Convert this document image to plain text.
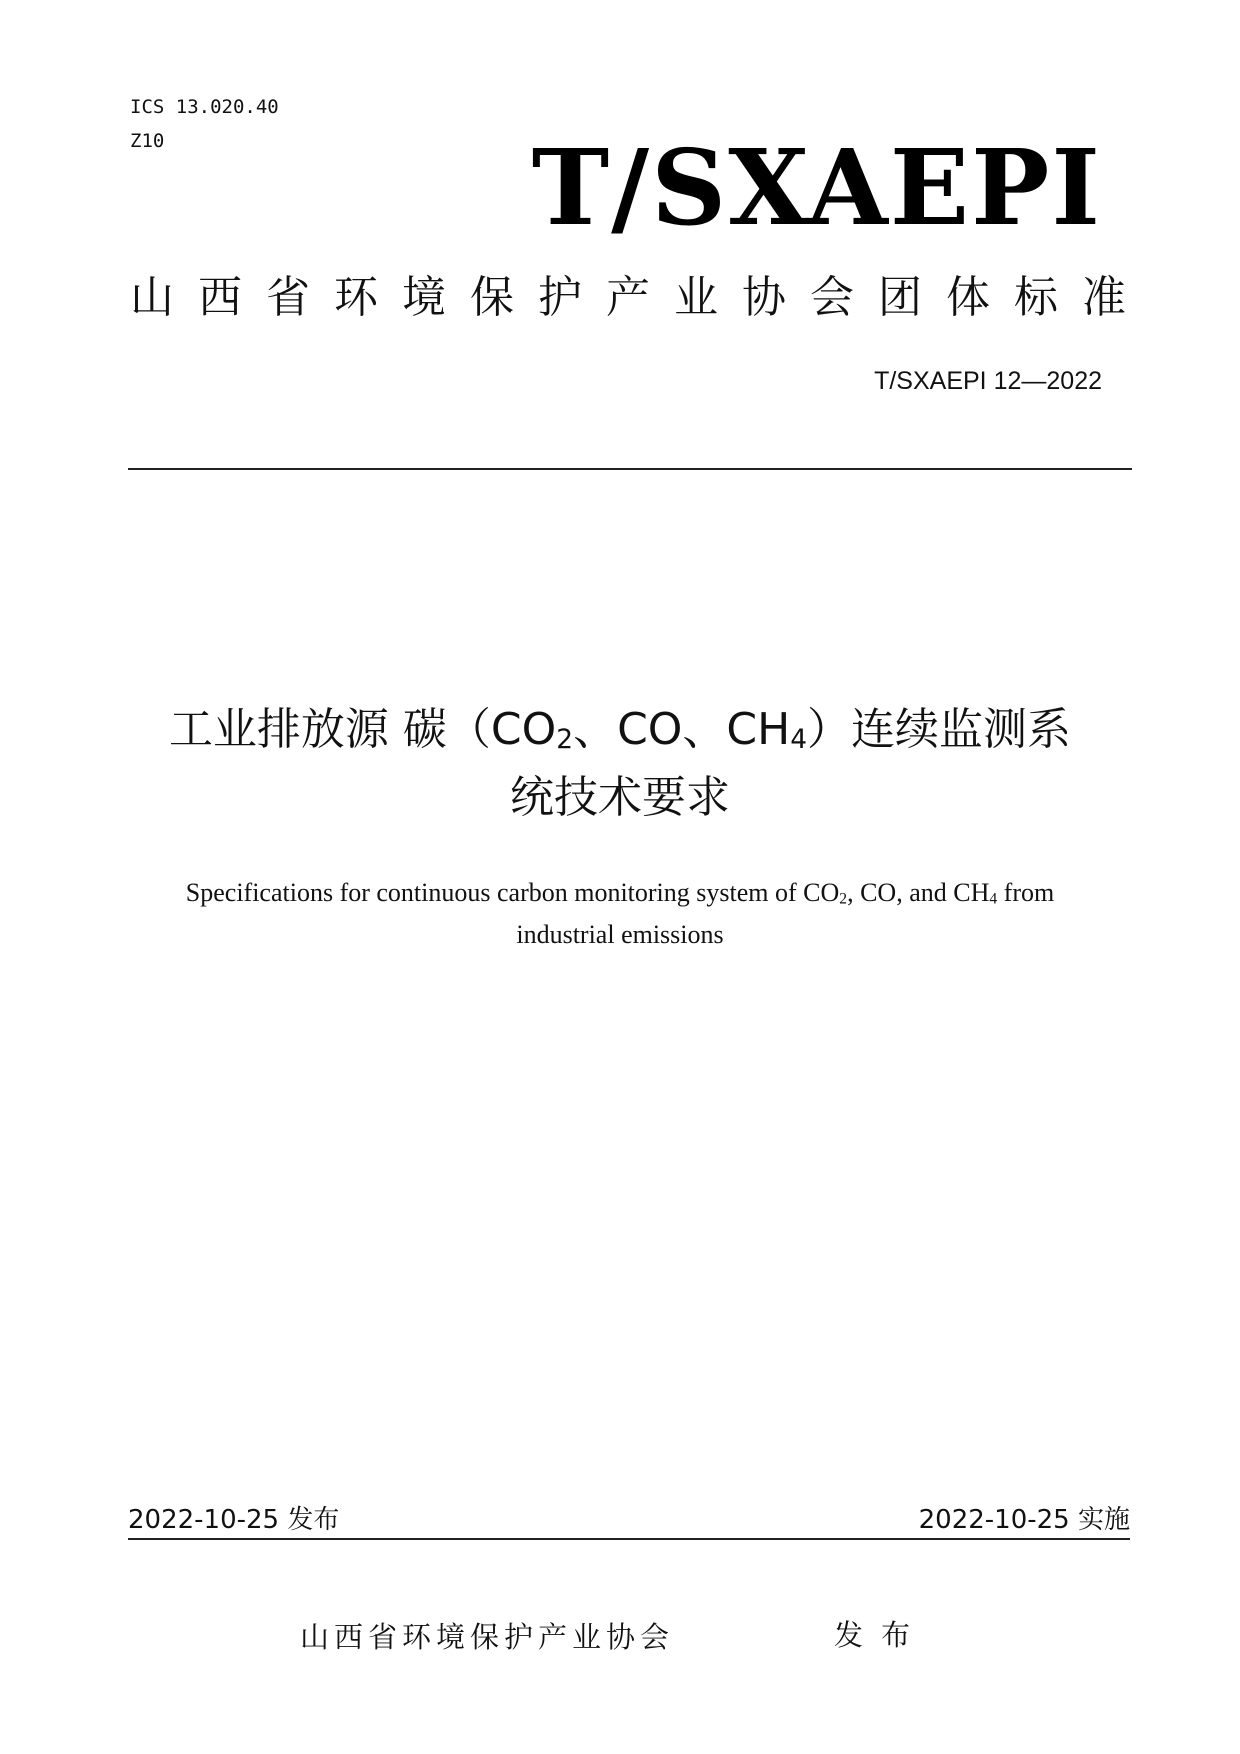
ICS 13.020.40
Z10	T/SXAEPI
山西省环境保护产业协会团体标准
T/SXAEPI 12—2022
工业排放源 碳（$CO_2$、CO、$CH_4$）连续监测系
统技术要求
Specifications for continuous carbon monitoring system of $CO_2$, CO, and $CH_4$ from
industrial emissions
2022-10-25 发布	2022-10-25 实施
山西省环境保护产业协会	发布
